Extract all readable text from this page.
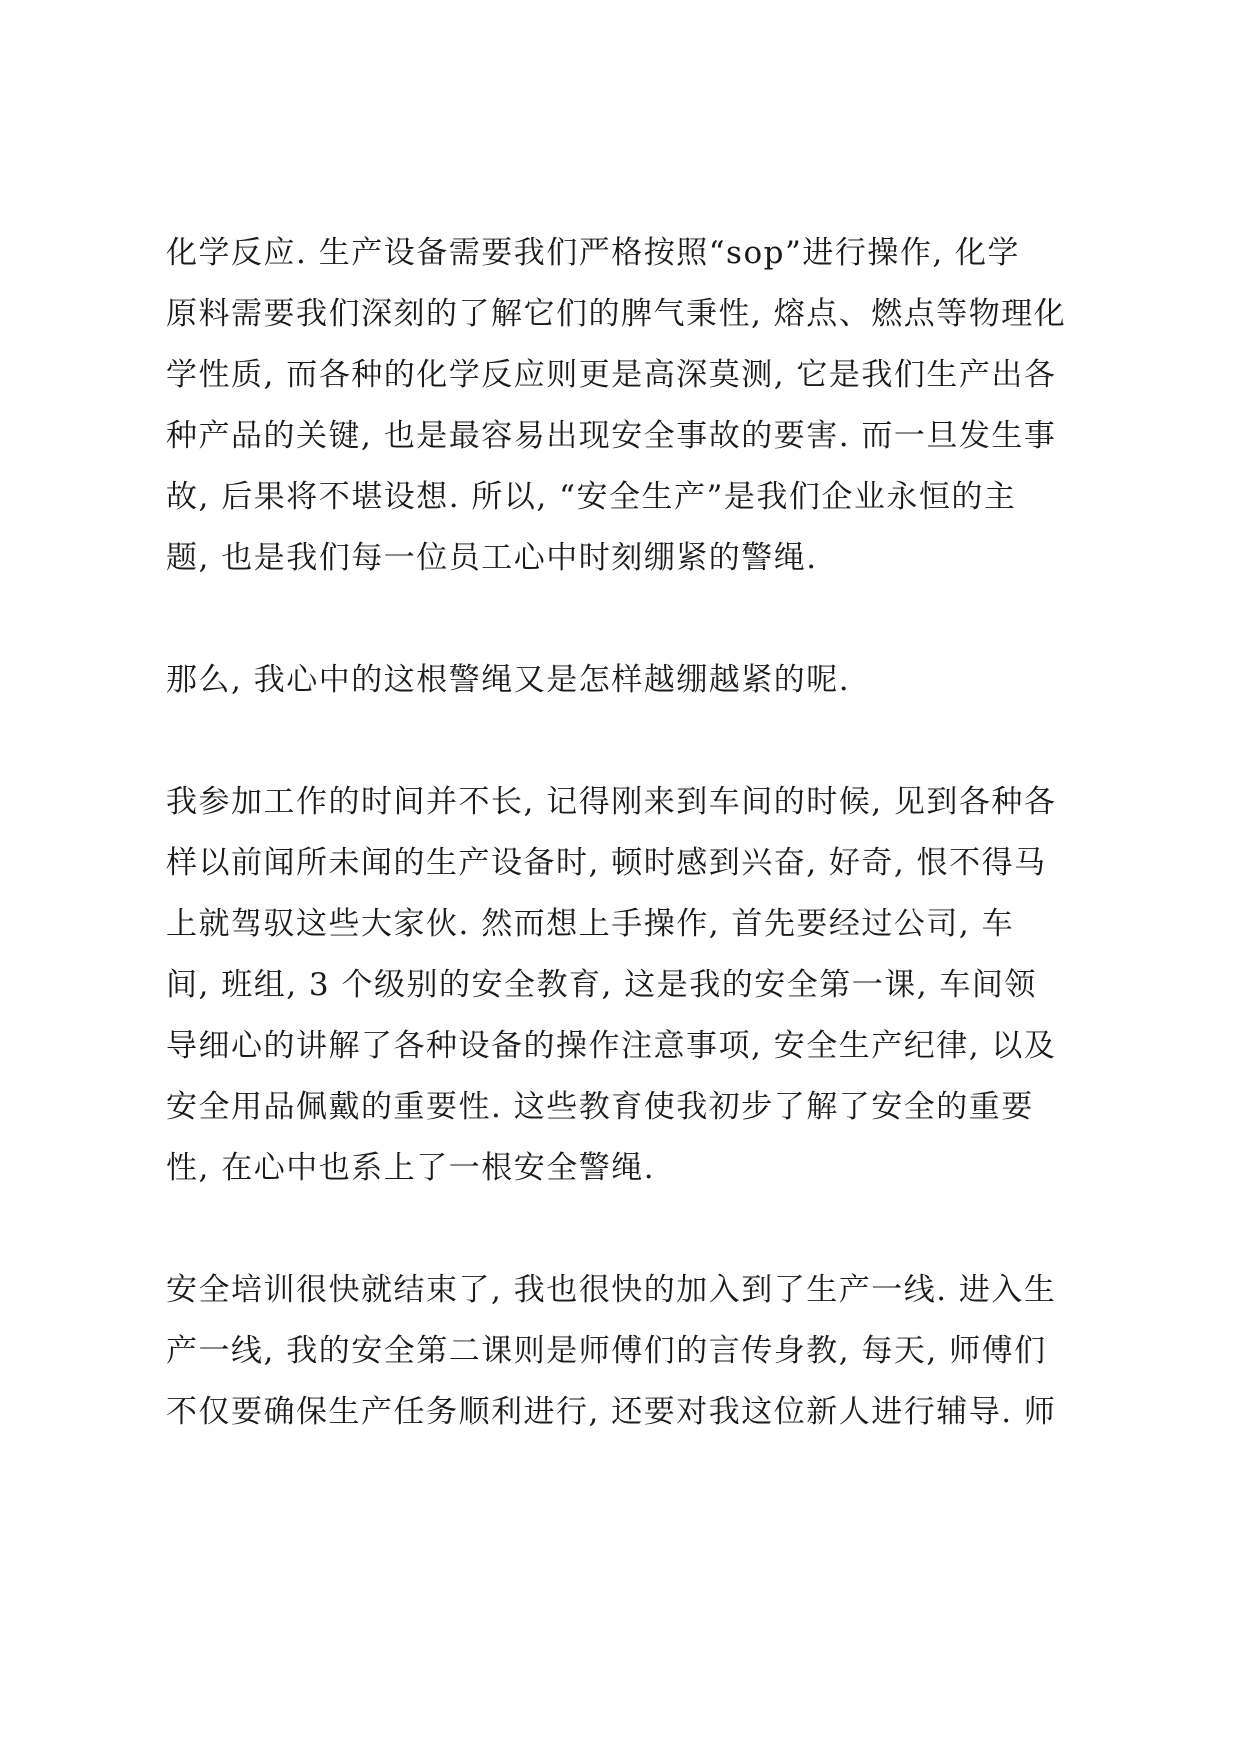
化学反应. 生产设备需要我们严格按照“sop”进行操作, 化学
原料需要我们深刻的了解它们的脾气秉性, 熔点、燃点等物理化
学性质, 而各种的化学反应则更是高深莫测, 它是我们生产出各
种产品的关键, 也是最容易出现安全事故的要害. 而一旦发生事
故, 后果将不堪设想. 所以, “安全生产”是我们企业永恒的主
题, 也是我们每一位员工心中时刻绷紧的警绳.
那么, 我心中的这根警绳又是怎样越绷越紧的呢.
我参加工作的时间并不长, 记得刚来到车间的时候, 见到各种各
样以前闻所未闻的生产设备时, 顿时感到兴奋, 好奇, 恨不得马
上就驾驭这些大家伙. 然而想上手操作, 首先要经过公司, 车
间, 班组, 3 个级别的安全教育, 这是我的安全第一课, 车间领
导细心的讲解了各种设备的操作注意事项, 安全生产纪律, 以及
安全用品佩戴的重要性. 这些教育使我初步了解了安全的重要
性, 在心中也系上了一根安全警绳.
安全培训很快就结束了, 我也很快的加入到了生产一线. 进入生
产一线, 我的安全第二课则是师傅们的言传身教, 每天, 师傅们
不仅要确保生产任务顺利进行, 还要对我这位新人进行辅导. 师
